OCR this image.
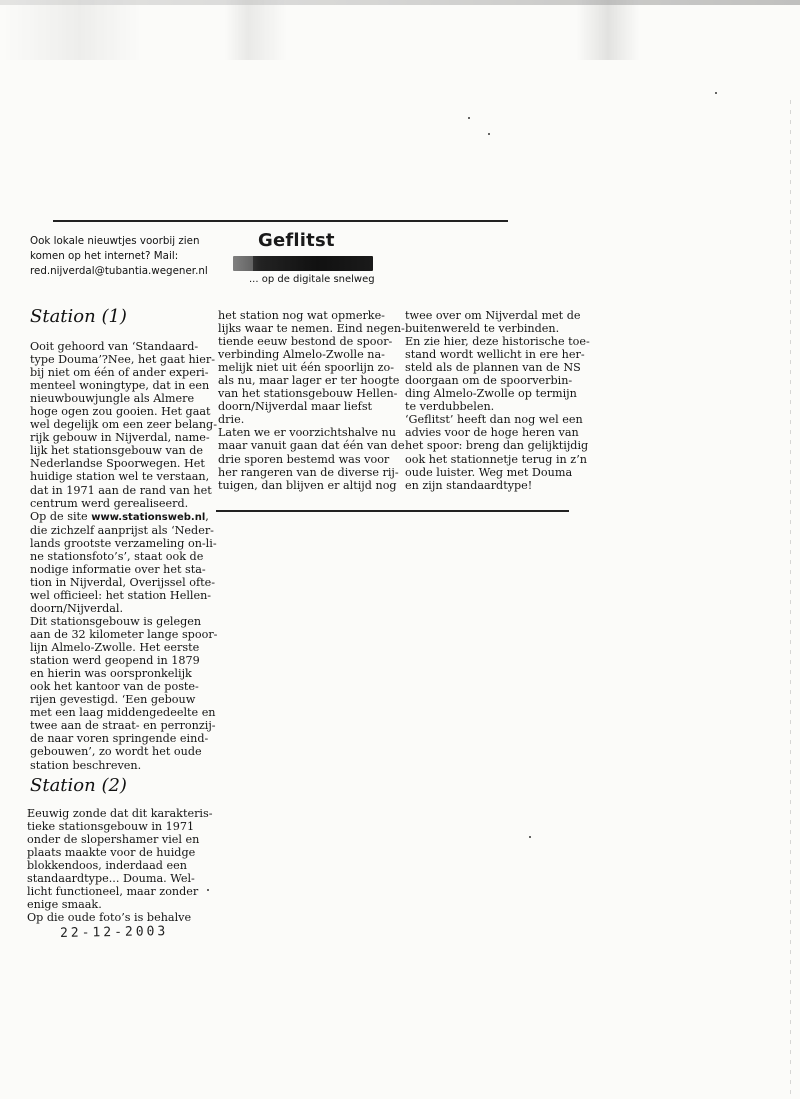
Ook lokale nieuwtjes voorbij zien
komen op het internet? Mail:
red.nijverdal@tubantia.wegener.nl
Geflitst
... op de digitale snelweg
Station (1)
Ooit gehoord van ‘Standaard-
type Douma’?Nee, het gaat hier-
bij niet om één of ander experi-
menteel woningtype, dat in een
nieuwbouwjungle als Almere
hoge ogen zou gooien. Het gaat
wel degelijk om een zeer belang-
rijk gebouw in Nijverdal, name-
lijk het stationsgebouw van de
Nederlandse Spoorwegen. Het
huidige station wel te verstaan,
dat in 1971 aan de rand van het
centrum werd gerealiseerd.
Op de site www.stationsweb.nl,
die zichzelf aanprijst als ‘Neder-
lands grootste verzameling on-li-
ne stationsfoto’s’, staat ook de
nodige informatie over het sta-
tion in Nijverdal, Overijssel ofte-
wel officieel: het station Hellen-
doorn/Nijverdal.
Dit stationsgebouw is gelegen
aan de 32 kilometer lange spoor-
lijn Almelo-Zwolle. Het eerste
station werd geopend in 1879
en hierin was oorspronkelijk
ook het kantoor van de poste-
rijen gevestigd. ‘Een gebouw
met een laag middengedeelte en
twee aan de straat- en perronzij-
de naar voren springende eind-
gebouwen’, zo wordt het oude
station beschreven.
Station (2)
Eeuwig zonde dat dit karakteris-
tieke stationsgebouw in 1971
onder de slopershamer viel en
plaats maakte voor de huidge
blokkendoos, inderdaad een
standaardtype... Douma. Wel-
licht functioneel, maar zonder
enige smaak.
Op die oude foto’s is behalve
22-12-2003
het station nog wat opmerke-
lijks waar te nemen. Eind negen-
tiende eeuw bestond de spoor-
verbinding Almelo-Zwolle na-
melijk niet uit één spoorlijn zo-
als nu, maar lager er ter hoogte
van het stationsgebouw Hellen-
doorn/Nijverdal maar liefst
drie.
Laten we er voorzichtshalve nu
maar vanuit gaan dat één van de
drie sporen bestemd was voor
her rangeren van de diverse rij-
tuigen, dan blijven er altijd nog
twee over om Nijverdal met de
buitenwereld te verbinden.
En zie hier, deze historische toe-
stand wordt wellicht in ere her-
steld als de plannen van de NS
doorgaan om de spoorverbin-
ding Almelo-Zwolle op termijn
te verdubbelen.
‘Geflitst’ heeft dan nog wel een
advies voor de hoge heren van
het spoor: breng dan gelijktijdig
ook het stationnetje terug in z’n
oude luister. Weg met Douma
en zijn standaardtype!
